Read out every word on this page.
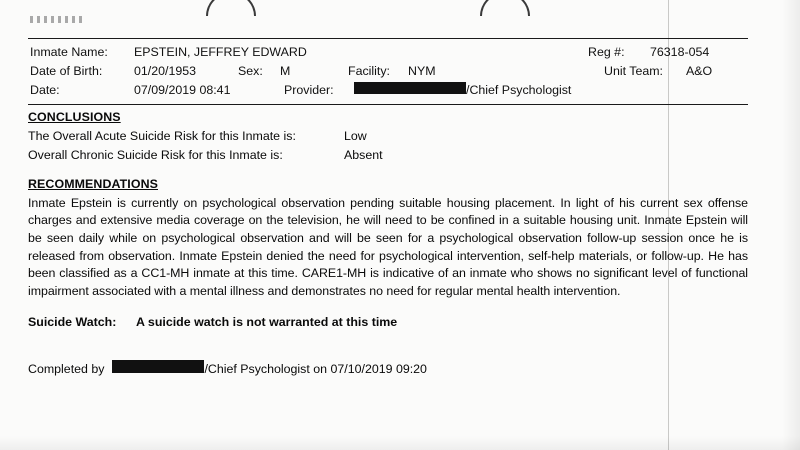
Inmate Name:	EPSTEIN, JEFFREY EDWARD	Reg #:	76318-054
Date of Birth:	01/20/1953	Sex:	M	Facility:	NYM	Unit Team:	A&O
Date:	07/09/2019 08:41	Provider:	/Chief Psychologist
CONCLUSIONS
The Overall Acute Suicide Risk for this Inmate is:	Low
Overall Chronic Suicide Risk for this Inmate is:	Absent
RECOMMENDATIONS

Inmate Epstein is currently on psychological observation pending suitable housing placement. In light of his current sex offense charges and extensive media coverage on the television, he will need to be confined in a suitable housing unit. Inmate Epstein will be seen daily while on psychological observation and will be seen for a psychological observation follow-up session once he is released from observation. Inmate Epstein denied the need for psychological intervention, self-help materials, or follow-up. He has been classified as a CC1-MH inmate at this time. CARE1-MH is indicative of an inmate who shows no significant level of functional impairment associated with a mental illness and demonstrates no need for regular mental health intervention.

Suicide Watch:	A suicide watch is not warranted at this time
Completed by	/Chief Psychologist on 07/10/2019 09:20
